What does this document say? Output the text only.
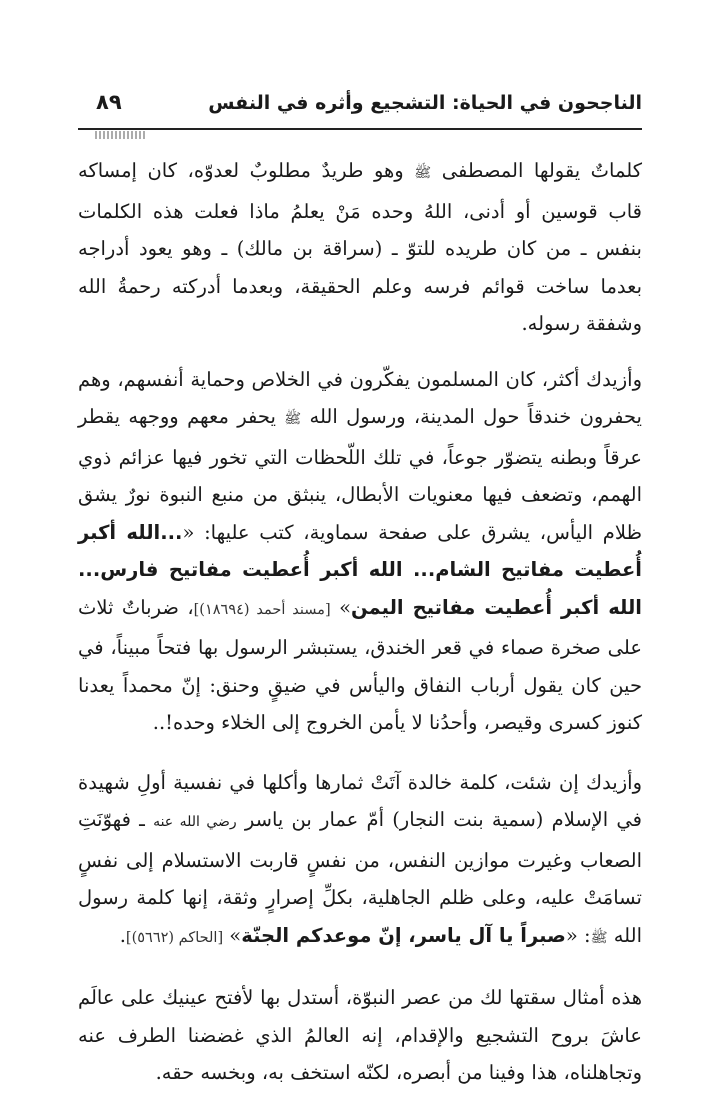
الناجحون في الحياة: التشجيع وأثره في النفس
٨٩

كلماتٌ يقولها المصطفى ﷺ وهو طريدٌ مطلوبٌ لعدوّه، كان إمساكه قاب قوسين أو أدنى، اللهُ وحده مَنْ يعلمُ ماذا فعلت هذه الكلمات بنفس ـ من كان طريده للتوّ ـ (سراقة بن مالك) ـ وهو يعود أدراجه بعدما ساخت قوائم فرسه وعلم الحقيقة، وبعدما أدركته رحمةُ الله وشفقة رسوله.

وأزيدك أكثر، كان المسلمون يفكّرون في الخلاص وحماية أنفسهم، وهم يحفرون خندقاً حول المدينة، ورسول الله ﷺ يحفر معهم ووجهه يقطر عرقاً وبطنه يتضوّر جوعاً، في تلك اللّحظات التي تخور فيها عزائم ذوي الهمم، وتضعف فيها معنويات الأبطال، ينبثق من منبع النبوة نورٌ يشق ظلام اليأس، يشرق على صفحة سماوية، كتب عليها: «...الله أكبر أُعطيت مفاتيح الشام... الله أكبر أُعطيت مفاتيح فارس... الله أكبر أُعطيت مفاتيح اليمن» [مسند أحمد (١٨٦٩٤)]، ضرباتٌ ثلاث على صخرة صماء في قعر الخندق، يستبشر الرسول بها فتحاً مبيناً، في حين كان يقول أرباب النفاق واليأس في ضيقٍ وحنق: إنّ محمداً يعدنا كنوز كسرى وقيصر، وأحدُنا لا يأمن الخروج إلى الخلاء وحده!..

وأزيدك إن شئت، كلمة خالدة آتَتْ ثمارها وأكلها في نفسية أولِ شهيدة في الإسلام (سمية بنت النجار) أمّ عمار بن ياسر رضي الله عنه ـ فهوّنَتِ الصعاب وغيرت موازين النفس، من نفسٍ قاربت الاستسلام إلى نفسٍ تسامَتْ عليه، وعلى ظلم الجاهلية، بكلِّ إصرارٍ وثقة، إنها كلمة رسول الله ﷺ: «صبراً يا آل ياسر، إنّ موعدكم الجنّة» [الحاكم (٥٦٦٢)].

هذه أمثال سقتها لك من عصر النبوّة، أستدل بها لأفتح عينيك على عالَم عاشَ بروح التشجيع والإقدام، إنه العالمُ الذي غضضنا الطرف عنه وتجاهلناه، هذا وفينا من أبصره، لكنّه استخف به، وبخسه حقه.
